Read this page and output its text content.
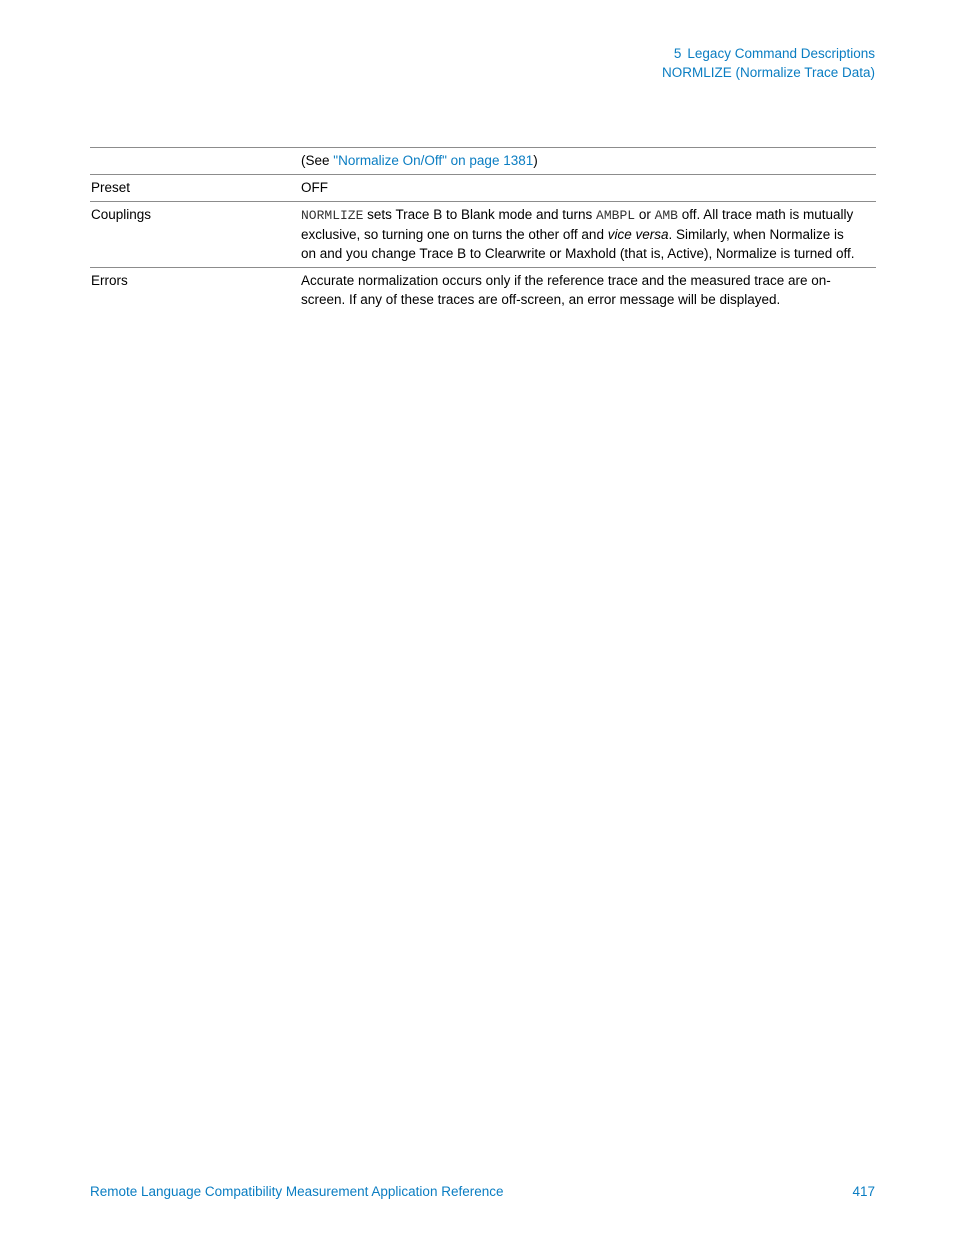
5 Legacy Command Descriptions
NORMLIZE (Normalize Trace Data)
	(See "Normalize On/Off" on page 1381)
Preset	OFF
Couplings	NORMLIZE sets Trace B to Blank mode and turns AMBPL or AMB off. All trace math is mutually exclusive, so turning one on turns the other off and vice versa. Similarly, when Normalize is on and you change Trace B to Clearwrite or Maxhold (that is, Active), Normalize is turned off.
Errors	Accurate normalization occurs only if the reference trace and the measured trace are on-screen. If any of these traces are off-screen, an error message will be displayed.
Remote Language Compatibility Measurement Application Reference	417
